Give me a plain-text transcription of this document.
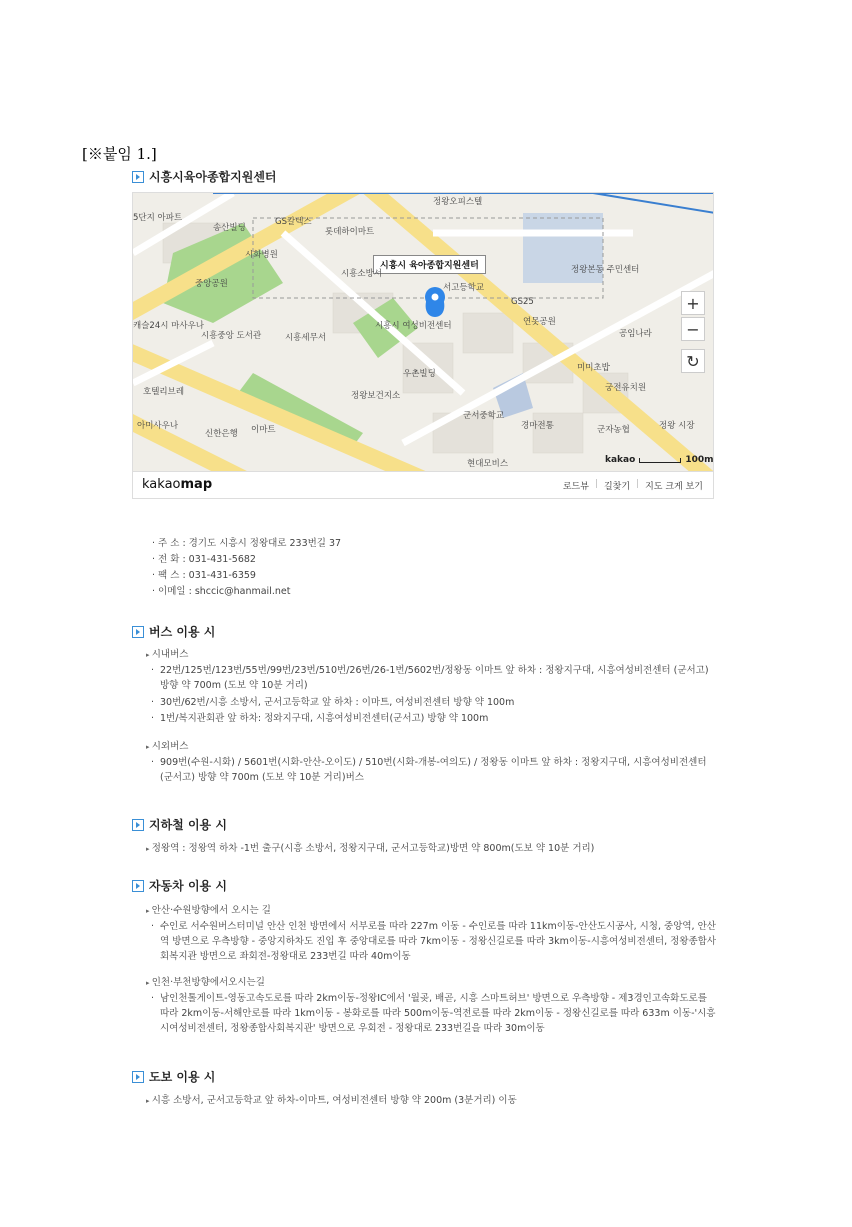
[※붙임 1.]
시흥시육아종합지원센터
시흥시 육아종합지원센터
정왕오피스텔
송산빌딩
GS칼텍스
롯데하이마트
시화병원
시흥소방서
서고등학교
중앙공원
GS25
정왕본동 주민센터
연못공원
캐슬24시 마사우나
시흥중앙 도서관	시흥세무서
시흥시 여성비전센터
공임나라
미미초밥
우촌빌딩
궁전유치원
호텔리브레	정왕보건지소
아미사우나
신한은행 이마트
군서중학교
경마전통	군자농협	정왕 시장
현대모비스
5단지 아파트
+
−
↻
kakao	100m
kakaomap	로드뷰 | 길찾기 | 지도 크게 보기
· 주 소 : 경기도 시흥시 정왕대로 233번길 37
· 전 화 : 031-431-5682
· 팩 스 : 031-431-6359
· 이메일 : shccic@hanmail.net
버스 이용 시
▸ 시내버스
· 22번/125번/123번/55번/99번/23번/510번/26번/26-1번/5602번/정왕동 이마트 앞 하차 : 정왕지구대, 시흥여성비전센터 (군서고) 방향 약 700m (도보 약 10분 거리)
· 30번/62번/시흥 소방서, 군서고등학교 앞 하차 : 이마트, 여성비전센터 방향 약 100m
· 1번/복지관회관 앞 하차: 정와지구대, 시흥여성비전센터(군서고) 방향 약 100m
▸ 시외버스
· 909번(수원-시화) / 5601번(시화-안산-오이도) / 510번(시화-개봉-여의도) / 정왕동 이마트 앞 하차 : 정왕지구대, 시흥여성비전센터(군서고) 방향 약 700m (도보 약 10분 거리)버스
지하철 이용 시
▸ 정왕역 : 정왕역 하차 -1번 출구(시흥 소방서, 정왕지구대, 군서고등학교)방면 약 800m(도보 약 10분 거리)
자동차 이용 시
▸ 안산·수원방향에서 오시는 길
· 수인로 서수원버스터미널 안산 인천 방면에서 서부로를 따라 227m 이동 - 수인로를 따라 11km이동-안산도시공사, 시청, 중앙역, 안산역 방면으로 우측방향 - 중앙지하차도 진입 후 중앙대로를 따라 7km이동 - 정왕신길로를 따라 3km이동-시흥여성비전센터, 정왕종합사회복지관 방면으로 좌회전-정왕대로 233번길 따라 40m이동
▸ 인천·부천방향에서오시는길
· 남인천톨게이트-영동고속도로를 따라 2km이동-정왕IC에서 '월곶, 배곧, 시흥 스마트허브' 방면으로 우측방향 - 제3경인고속화도로를 따라 2km이동-서해안로를 따라 1km이동 - 봉화로를 따라 500m이동-역전로를 따라 2km이동 - 정왕신길로를 따라 633m 이동-'시흥시여성비전센터, 정왕종합사회복지관' 방면으로 우회전 - 정왕대로 233번길을 따라 30m이동
도보 이용 시
▸ 시흥 소방서, 군서고등학교 앞 하차-이마트, 여성비전센터 방향 약 200m (3분거리) 이동
